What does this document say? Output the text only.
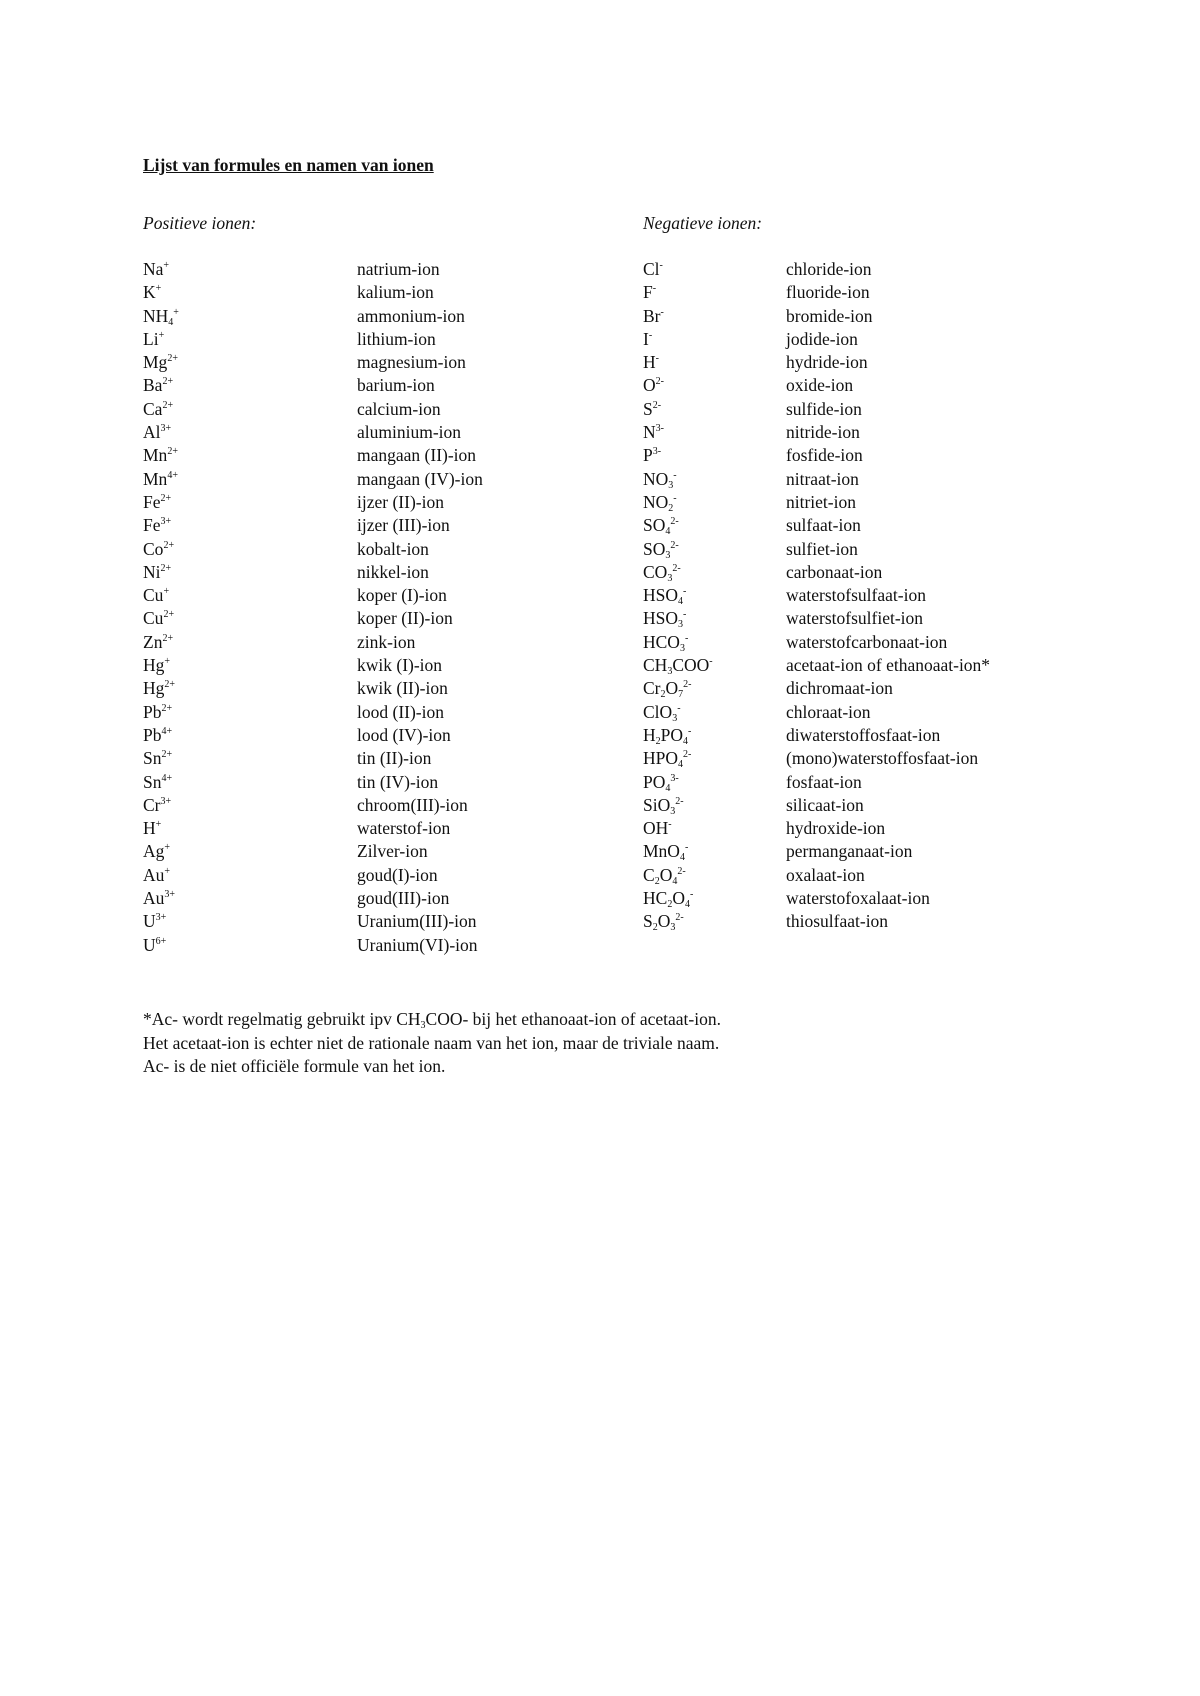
Lijst van formules en namen van ionen
Positieve ionen:	Negatieve ionen:
Na+	natrium-ion
K+	kalium-ion
NH4+	ammonium-ion
Li+	lithium-ion
$Mg^{2+}$	magnesium-ion
$Ba^{2+}$	barium-ion
$Ca^{2+}$	calcium-ion
$Al^{3+}$	aluminium-ion
$Mn^{2+}$	mangaan (II)-ion
$Mn^{4+}$	mangaan (IV)-ion
$Fe^{2+}$	ijzer (II)-ion
$Fe^{3+}$	ijzer (III)-ion
$Co^{2+}$	kobalt-ion
$Ni^{2+}$	nikkel-ion
Cu+	koper (I)-ion
$Cu^{2+}$	koper (II)-ion
$Zn^{2+}$	zink-ion
Hg+	kwik (I)-ion
$Hg^{2+}$	kwik (II)-ion
$Pb^{2+}$	lood (II)-ion
$Pb^{4+}$	lood (IV)-ion
$Sn^{2+}$	tin (II)-ion
$Sn^{4+}$	tin (IV)-ion
$Cr^{3+}$	chroom(III)-ion
H+	waterstof-ion
Ag+	Zilver-ion
Au+	goud(I)-ion
$Au^{3+}$	goud(III)-ion
$U^{3+}$	Uranium(III)-ion
$U^{6+}$	Uranium(VI)-ion
Cl-	chloride-ion
F-	fluoride-ion
Br-	bromide-ion
I-	jodide-ion
H-	hydride-ion
$O^{2-}$	oxide-ion
$S^{2-}$	sulfide-ion
$N^{3-}$	nitride-ion
$P^{3-}$	fosfide-ion
NO3-	nitraat-ion
NO2-	nitriet-ion
$SO4^{2-}$	sulfaat-ion
$SO3^{2-}$	sulfiet-ion
$CO3^{2-}$	carbonaat-ion
HSO4-	waterstofsulfaat-ion
HSO3-	waterstofsulfiet-ion
HCO3-	waterstofcarbonaat-ion
CH3COO-	acetaat-ion of ethanoaat-ion*
$Cr2O7^{2-}$	dichromaat-ion
ClO3-	chloraat-ion
H2PO4-	diwaterstoffosfaat-ion
$HPO4^{2-}$	(mono)waterstoffosfaat-ion
$PO4^{3-}$	fosfaat-ion
$SiO3^{2-}$	silicaat-ion
OH-	hydroxide-ion
MnO4-	permanganaat-ion
$C2O4^{2-}$	oxalaat-ion
HC2O4-	waterstofoxalaat-ion
$S2O3^{2-}$	thiosulfaat-ion
*Ac- wordt regelmatig gebruikt ipv CH3COO- bij het ethanoaat-ion of acetaat-ion.
Het acetaat-ion is echter niet de rationale naam van het ion, maar de triviale naam.
Ac- is de niet officiële formule van het ion.
